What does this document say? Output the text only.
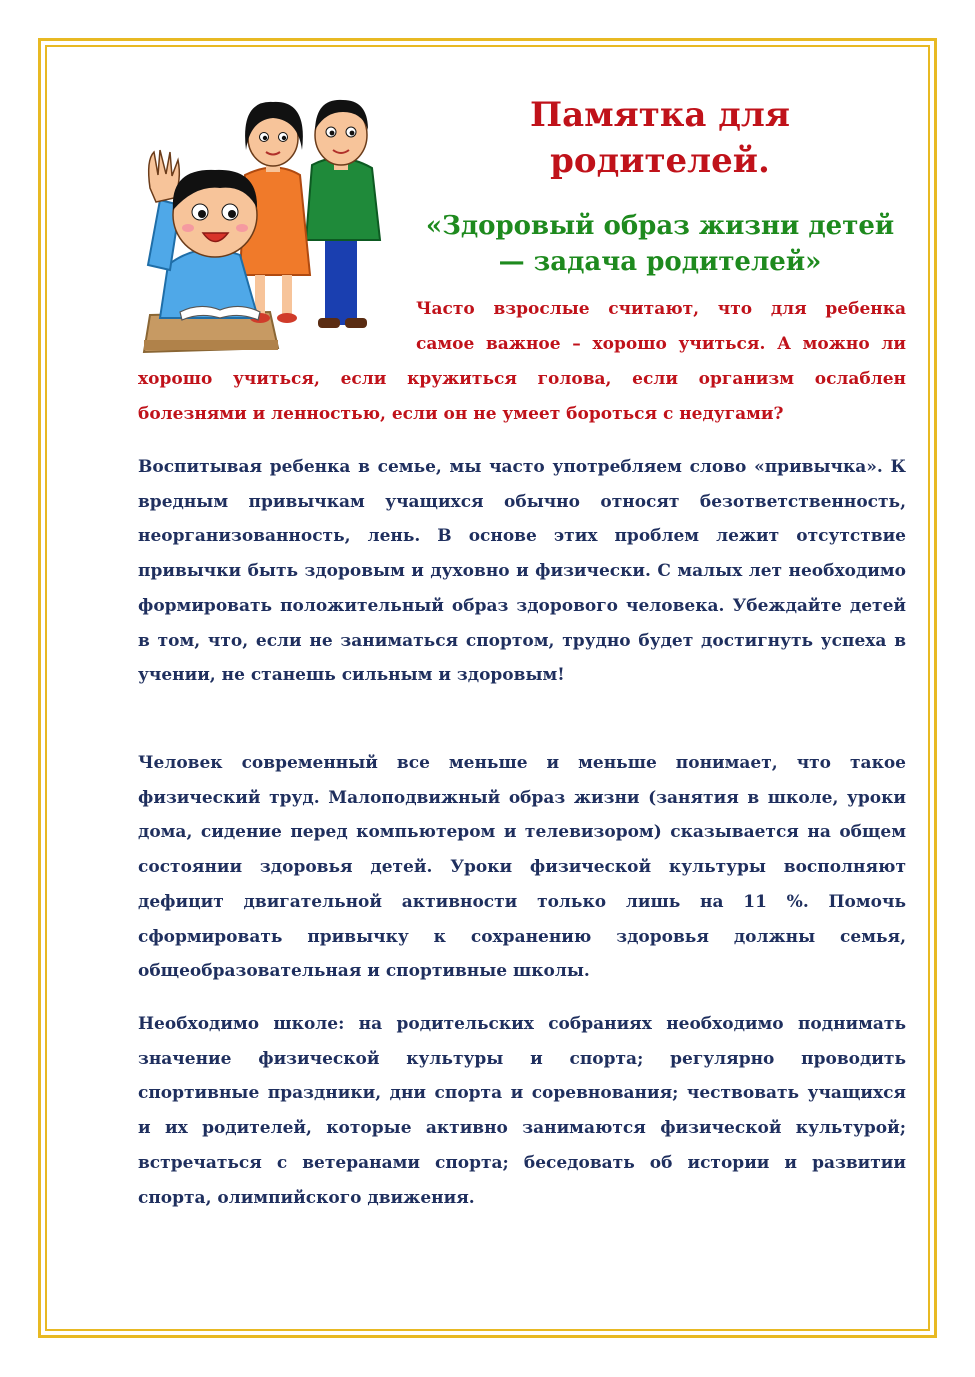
Памятка для родителей.
«Здоровый образ жизни детей — задача родителей»

Часто взрослые считают, что для ребенка самое важное – хорошо учиться. А можно ли

хорошо учиться, если кружиться голова, если организм ослаблен болезнями и ленностью, если он не умеет бороться с недугами?

Воспитывая ребенка в семье, мы часто употребляем слово «привычка». К вредным привычкам учащихся обычно относят безответственность, неорганизованность, лень. В основе этих проблем лежит отсутствие привычки быть здоровым и духовно и физически. С малых лет необходимо формировать положительный образ здорового человека. Убеждайте детей в том, что, если не заниматься спортом, трудно будет достигнуть успеха в учении, не станешь сильным и здоровым!

Человек современный все меньше и меньше понимает, что такое физический труд. Малоподвижный образ жизни (занятия в школе, уроки дома, сидение перед компьютером и телевизором) сказывается на общем состоянии здоровья детей. Уроки физической культуры восполняют дефицит двигательной активности только лишь на 11 %. Помочь сформировать привычку к сохранению здоровья должны семья, общеобразовательная и спортивные школы.

Необходимо школе: на родительских собраниях необходимо поднимать значение физической культуры и спорта; регулярно проводить спортивные праздники, дни спорта и соревнования; чествовать учащихся и их родителей, которые активно занимаются физической культурой; встречаться с ветеранами спорта; беседовать об истории и развитии спорта, олимпийского движения.
